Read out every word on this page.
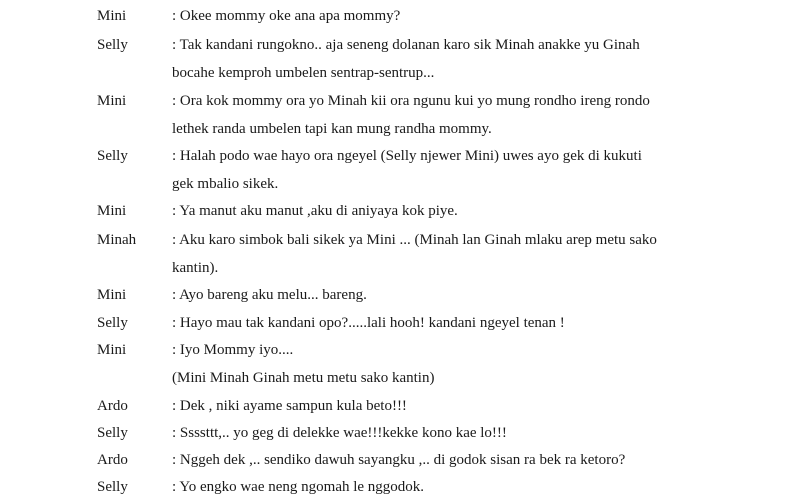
Mini	: Okee mommy oke ana apa mommy?
Selly	: Tak kandani rungokno.. aja seneng dolanan karo sik Minah anakke yu Ginah
bocahe kemproh umbelen sentrap-sentrup...
Mini	: Ora kok mommy ora yo Minah kii ora ngunu kui yo mung rondho ireng rondo
lethek randa umbelen tapi kan mung randha mommy.
Selly	: Halah podo wae hayo ora ngeyel (Selly njewer Mini) uwes ayo gek di kukuti
gek mbalio sikek.
Mini	: Ya manut aku manut ,aku di aniyaya kok piye.
Minah : Aku karo simbok bali sikek ya Mini ... (Minah lan Ginah mlaku arep metu sako
kantin).
Mini	: Ayo bareng aku melu... bareng.
Selly	: Hayo mau tak kandani opo?.....lali hooh! kandani ngeyel tenan !
Mini	: Iyo Mommy iyo....
(Mini Minah Ginah metu metu sako kantin)
Ardo	: Dek , niki ayame sampun kula beto!!!
Selly	: Ssssttt,.. yo geg di delekke wae!!!kekke kono kae lo!!!
Ardo	: Nggeh dek ,.. sendiko dawuh sayangku ,.. di godok sisan ra bek ra ketoro?
Selly	: Yo engko wae neng ngomah le nggodok.
